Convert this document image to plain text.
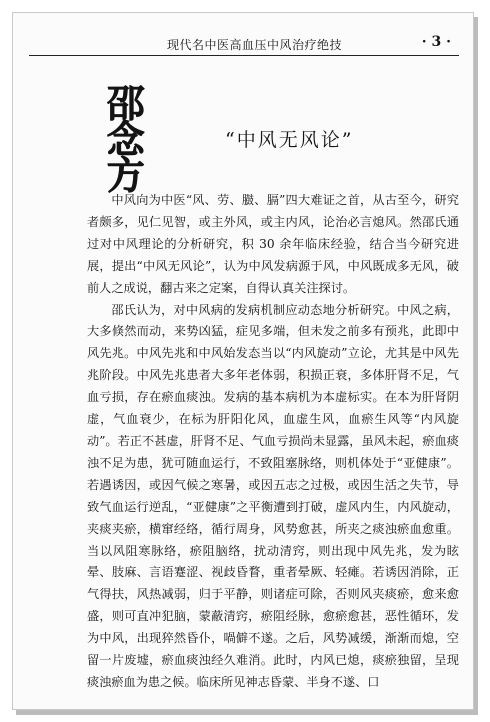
现代名中医高血压中风治疗绝技	· 3 ·
邵念方	“中风无风论”

中风向为中医“风、劳、臌、膈”四大难证之首，从古至今，研究者颇多，见仁见智，或主外风，或主内风，论治必言熄风。然邵氏通过对中风理论的分析研究，积 30 余年临床经验，结合当今研究进展，提出“中风无风论”，认为中风发病源于风，中风既成多无风，破前人之成说，翻古来之定案，自得认真关注探讨。

邵氏认为，对中风病的发病机制应动态地分析研究。中风之病，大多倏然而动，来势凶猛，症见多端，但未发之前多有预兆，此即中风先兆。中风先兆和中风始发态当以“内风旋动”立论，尤其是中风先兆阶段。中风先兆患者大多年老体弱，积损正衰，多体肝肾不足，气血亏损，存在瘀血痰浊。发病的基本病机为本虚标实。在本为肝肾阴虚，气血衰少，在标为肝阳化风，血虚生风，血瘀生风等“内风旋动”。若正不甚虚，肝肾不足、气血亏损尚未显露，虽风未起，瘀血痰浊不足为患，犹可随血运行，不致阻塞脉络，则机体处于“亚健康”。若遇诱因，或因气候之寒暑，或因五志之过极，或因生活之失节，导致气血运行逆乱，“亚健康”之平衡遭到打破，虚风内生，内风旋动，夹痰夹瘀，横窜经络，循行周身，风势愈甚，所夹之痰浊瘀血愈重。当以风阻寒脉络，瘀阻脑络，扰动清窍，则出现中风先兆，发为眩晕、肢麻、言语蹇涩、视歧昏瞀，重者晕厥、轻瘫。若诱因消除，正气得扶，风热减弱，归于平静，则诸症可除，否则风夹痰瘀，愈来愈盛，则可直冲犯脑，蒙蔽清窍，瘀阻经脉，愈瘀愈甚，恶性循环，发为中风，出现猝然昏仆，喎僻不遂。之后，风势减缓，渐渐而熄，空留一片废墟，瘀血痰浊经久难消。此时，内风已熄，痰瘀独留，呈现痰浊瘀血为患之候。临床所见神志昏蒙、半身不遂、口
